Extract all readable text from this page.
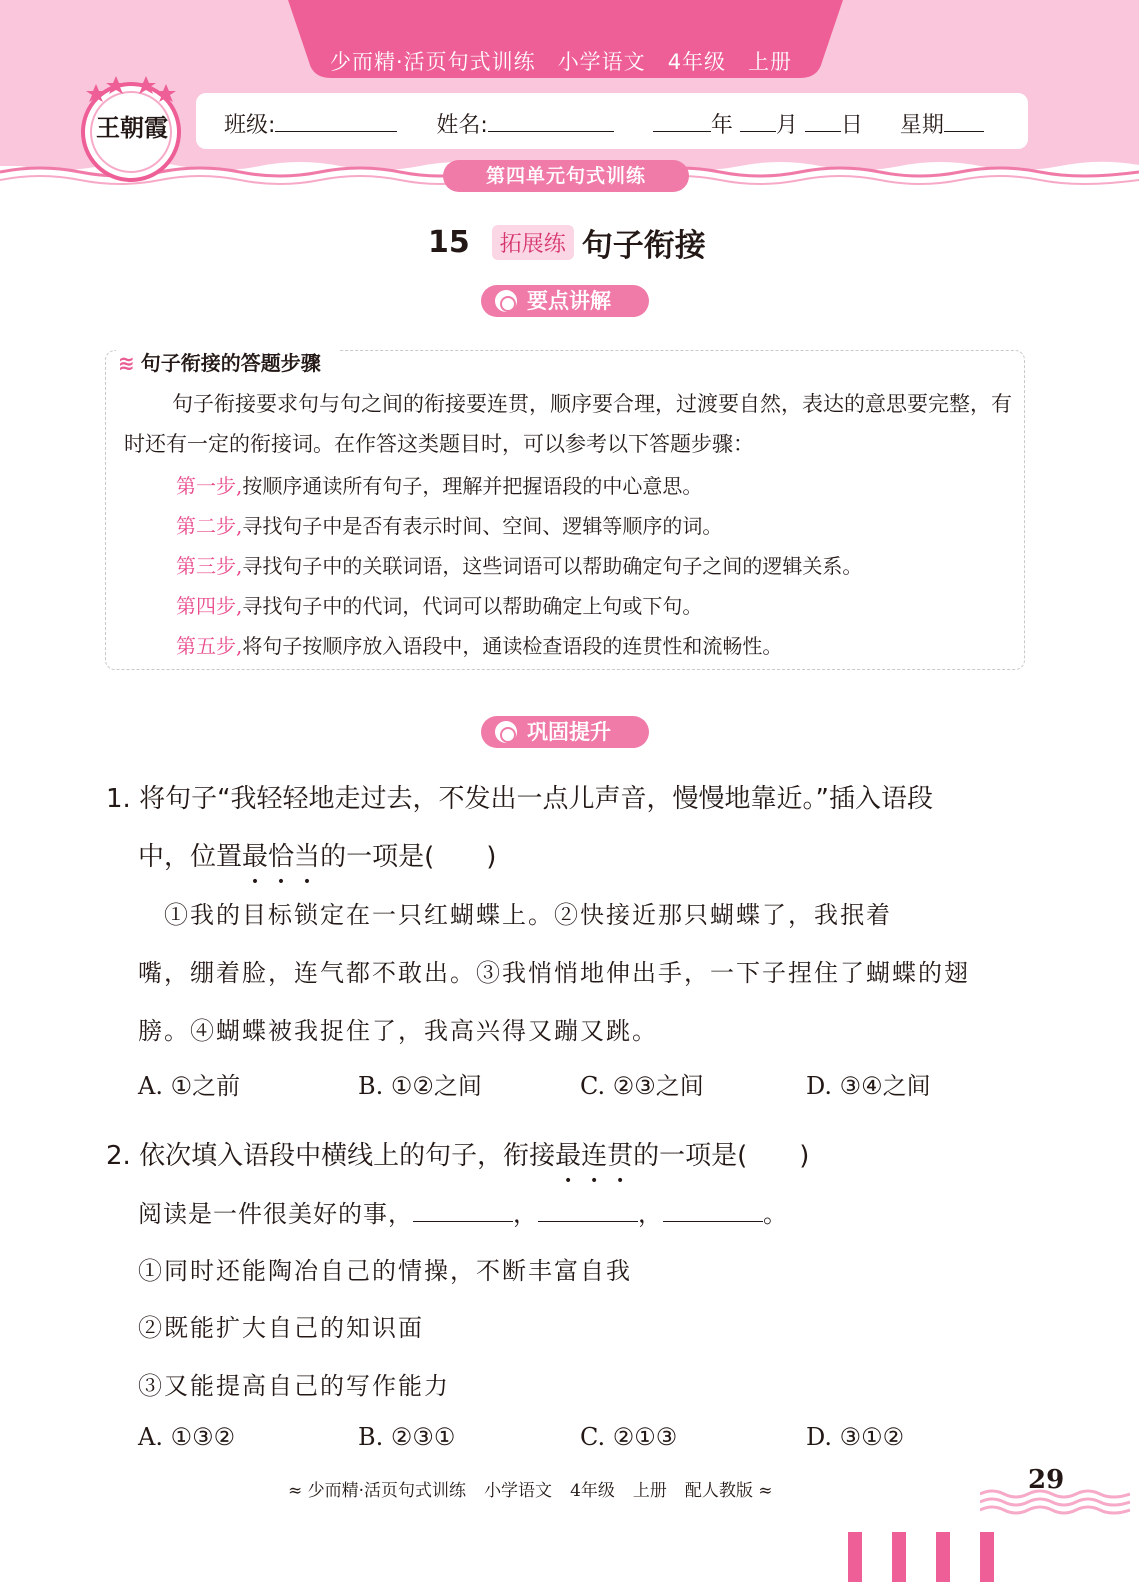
少而精·活页句式训练 小学语文 4年级 上册
王朝霞	班级:	姓名:	年 月 日 星期
第四单元句式训练
15 拓展练 句子衔接
要点讲解
≋ 句子衔接的答题步骤
句子衔接要求句与句之间的衔接要连贯，顺序要合理，过渡要自然，表达的意思要完整，有时还有一定的衔接词。在作答这类题目时，可以参考以下答题步骤：
第一步,按顺序通读所有句子，理解并把握语段的中心意思。
第二步,寻找句子中是否有表示时间、空间、逻辑等顺序的词。
第三步,寻找句子中的关联词语，这些词语可以帮助确定句子之间的逻辑关系。
第四步,寻找句子中的代词，代词可以帮助确定上句或下句。
第五步,将句子按顺序放入语段中，通读检查语段的连贯性和流畅性。
巩固提升
1. 将句子“我轻轻地走过去，不发出一点儿声音，慢慢地靠近。”插入语段
中，位置最恰当的一项是(　　)
　①我的目标锁定在一只红蝴蝶上。②快接近那只蝴蝶了，我抿着
嘴，绷着脸，连气都不敢出。③我悄悄地伸出手，一下子捏住了蝴蝶的翅
膀。④蝴蝶被我捉住了，我高兴得又蹦又跳。
A. ①之前	B. ①②之间	C. ②③之间	D. ③④之间
2. 依次填入语段中横线上的句子，衔接最连贯的一项是(　　)
阅读是一件很美好的事，	，	，	。
①同时还能陶冶自己的情操，不断丰富自我
②既能扩大自己的知识面
③又能提高自己的写作能力
A. ①③②	B. ②③①	C. ②①③	D. ③①②
≈ 少而精·活页句式训练 小学语文 4年级 上册 配人教版 ≈	29
